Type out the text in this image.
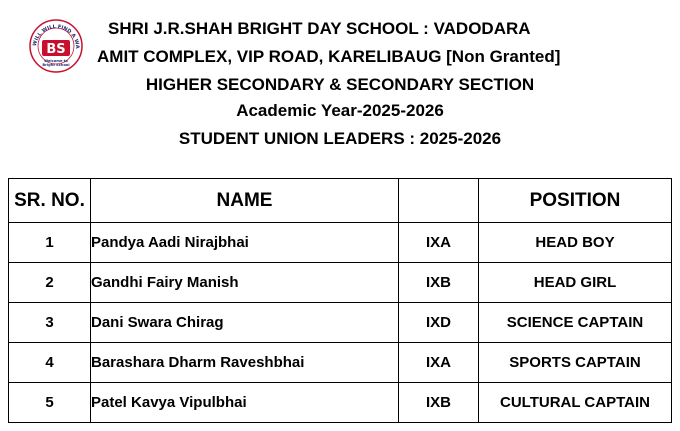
WILL WILL FIND A WA
BS
Welcome to
Bright School
SHRI J.R.SHAH BRIGHT DAY SCHOOL : VADODARA
AMIT COMPLEX, VIP ROAD, KARELIBAUG [Non Granted]
HIGHER SECONDARY & SECONDARY SECTION
Academic Year-2025-2026
STUDENT UNION LEADERS : 2025-2026
SR. NO.	NAME		POSITION
1	Pandya Aadi Nirajbhai	IXA	HEAD BOY
2	Gandhi Fairy Manish	IXB	HEAD GIRL
3	Dani Swara Chirag	IXD	SCIENCE CAPTAIN
4	Barashara Dharm Raveshbhai	IXA	SPORTS CAPTAIN
5	Patel Kavya Vipulbhai	IXB	CULTURAL CAPTAIN
